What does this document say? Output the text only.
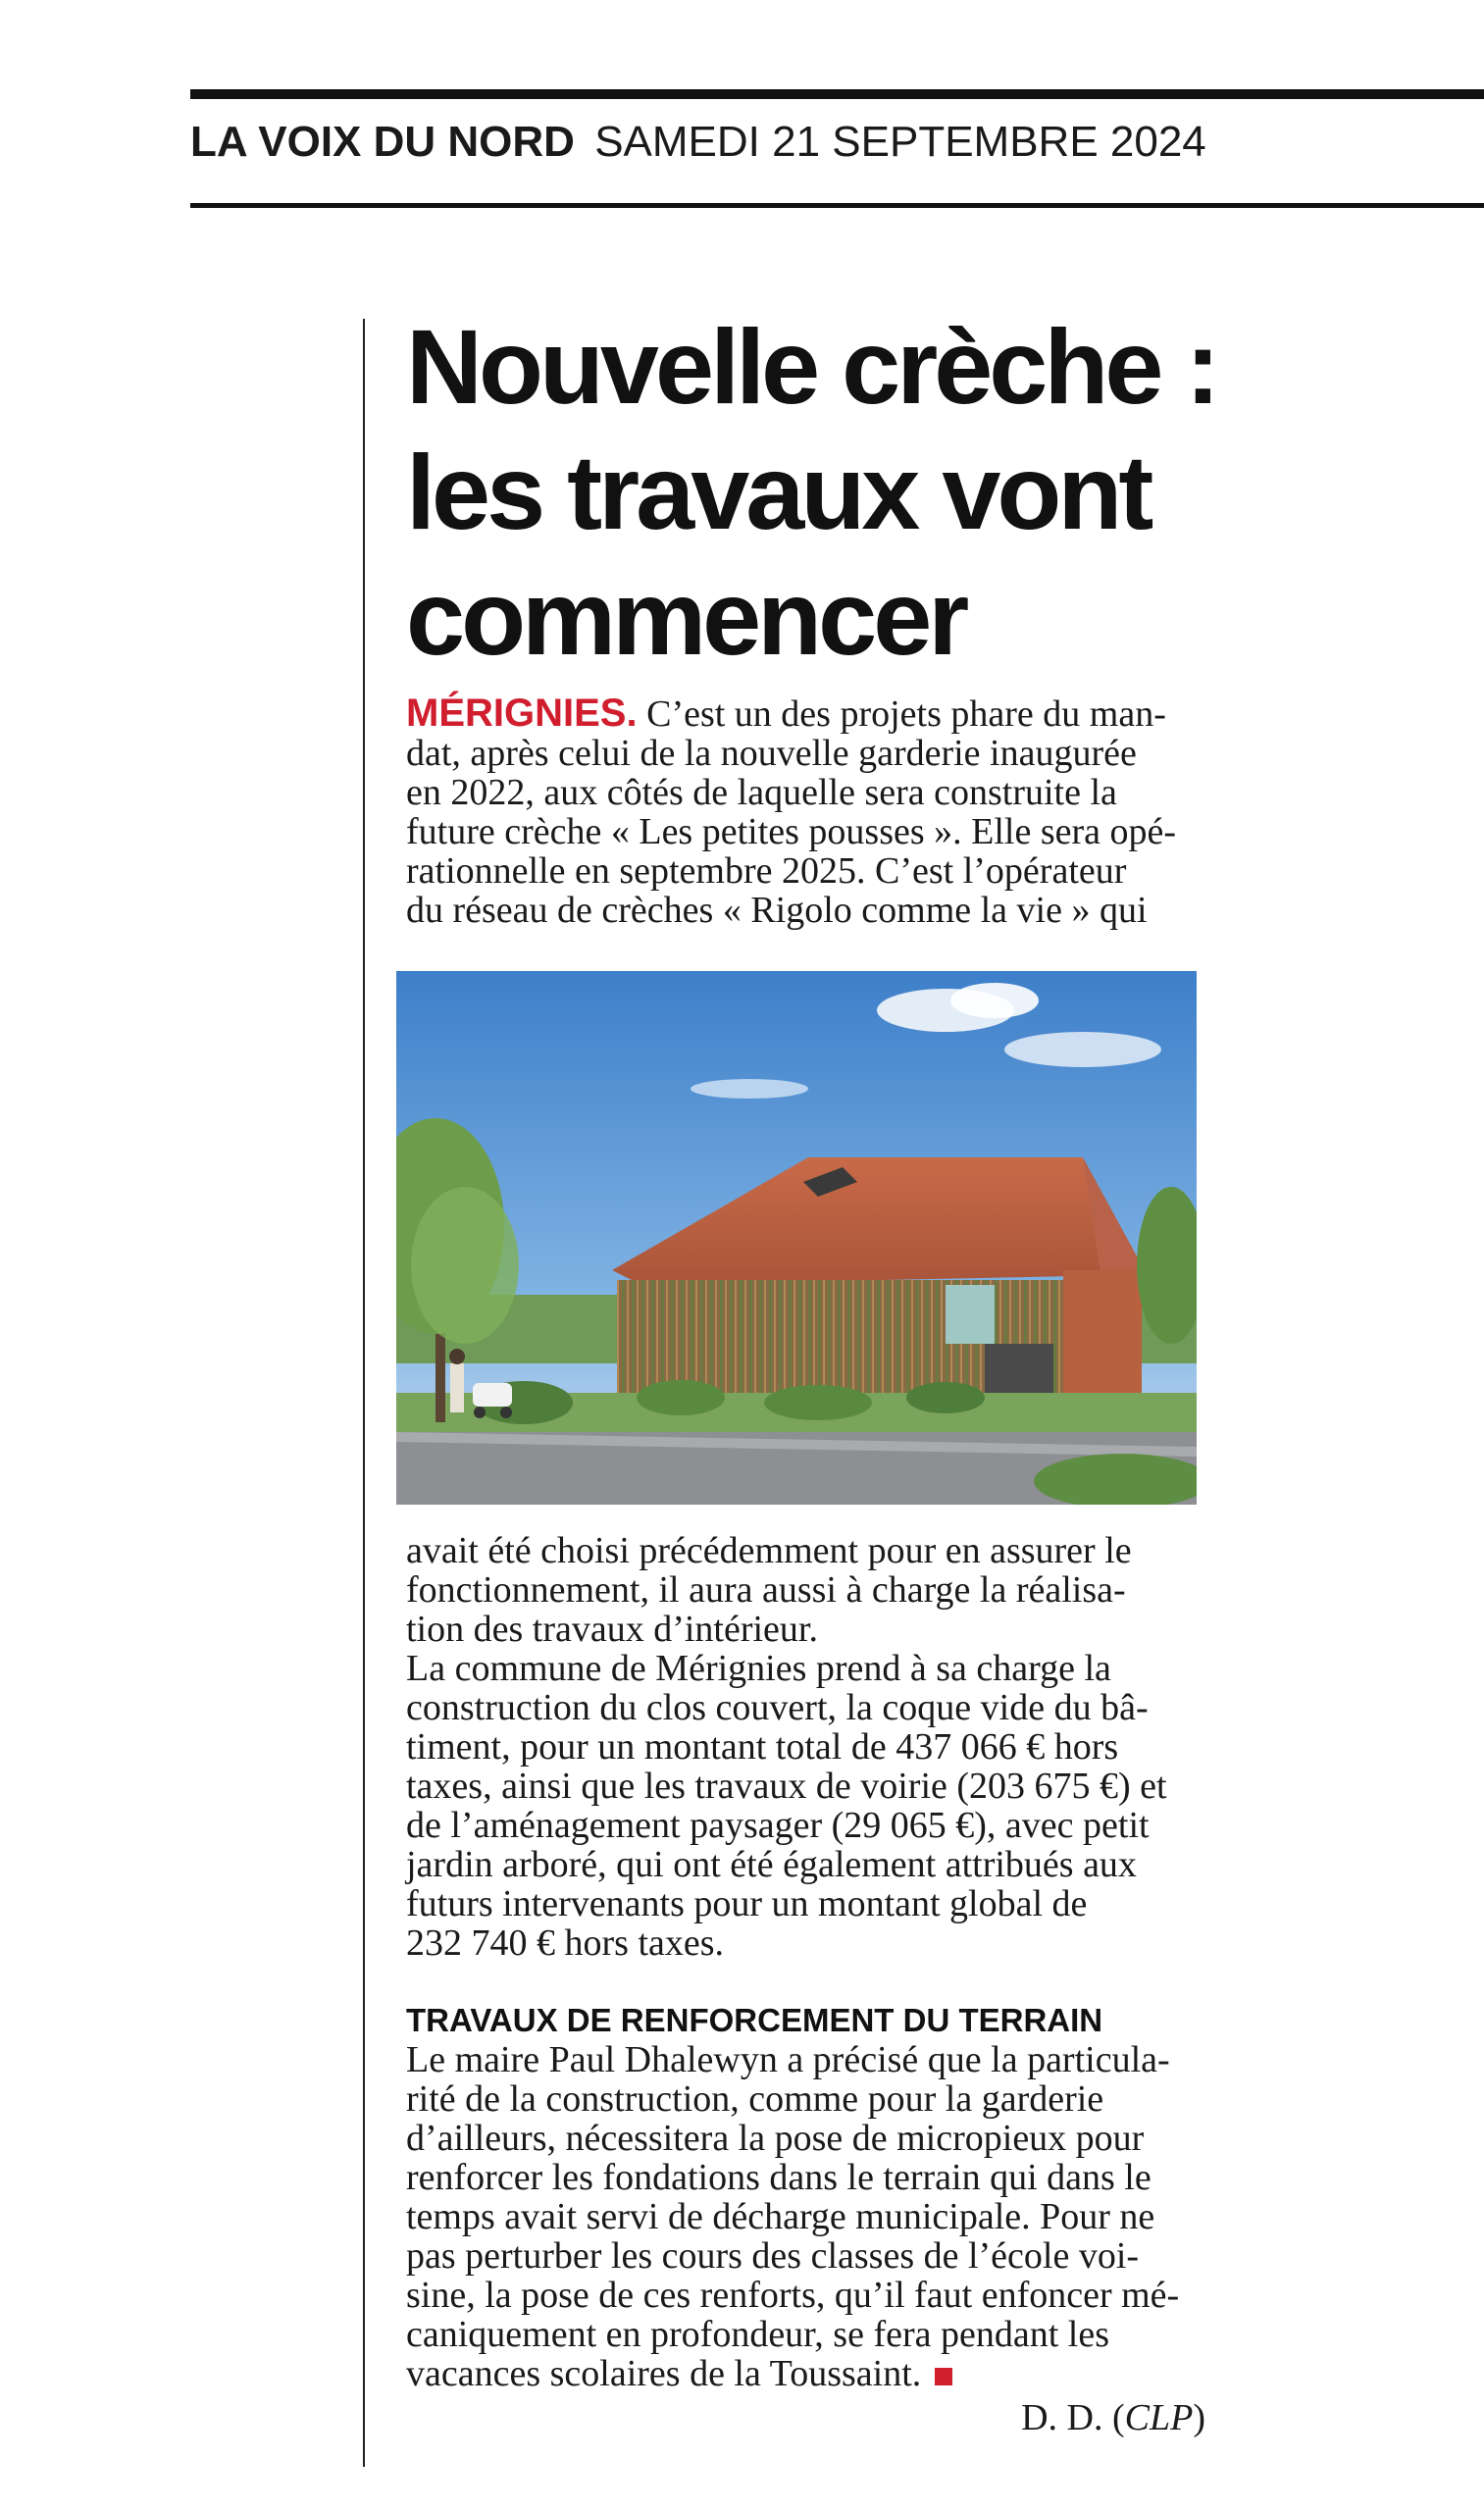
LA VOIX DU NORD SAMEDI 21 SEPTEMBRE 2024
Nouvelle crèche :
les travaux vont
commencer
MÉRIGNIES. C’est un des projets phare du man-
dat, après celui de la nouvelle garderie inaugurée
en 2022, aux côtés de laquelle sera construite la
future crèche « Les petites pousses ». Elle sera opé-
rationnelle en septembre 2025. C’est l’opérateur
du réseau de crèches « Rigolo comme la vie » qui
avait été choisi précédemment pour en assurer le
fonctionnement, il aura aussi à charge la réalisa-
tion des travaux d’intérieur.
La commune de Mérignies prend à sa charge la
construction du clos couvert, la coque vide du bâ-
timent, pour un montant total de 437 066 € hors
taxes, ainsi que les travaux de voirie (203 675 €) et
de l’aménagement paysager (29 065 €), avec petit
jardin arboré, qui ont été également attribués aux
futurs intervenants pour un montant global de
232 740 € hors taxes.
TRAVAUX DE RENFORCEMENT DU TERRAIN
Le maire Paul Dhalewyn a précisé que la particula-
rité de la construction, comme pour la garderie
d’ailleurs, nécessitera la pose de micropieux pour
renforcer les fondations dans le terrain qui dans le
temps avait servi de décharge municipale. Pour ne
pas perturber les cours des classes de l’école voi-
sine, la pose de ces renforts, qu’il faut enfoncer mé-
caniquement en profondeur, se fera pendant les
vacances scolaires de la Toussaint.
D. D. (CLP)
